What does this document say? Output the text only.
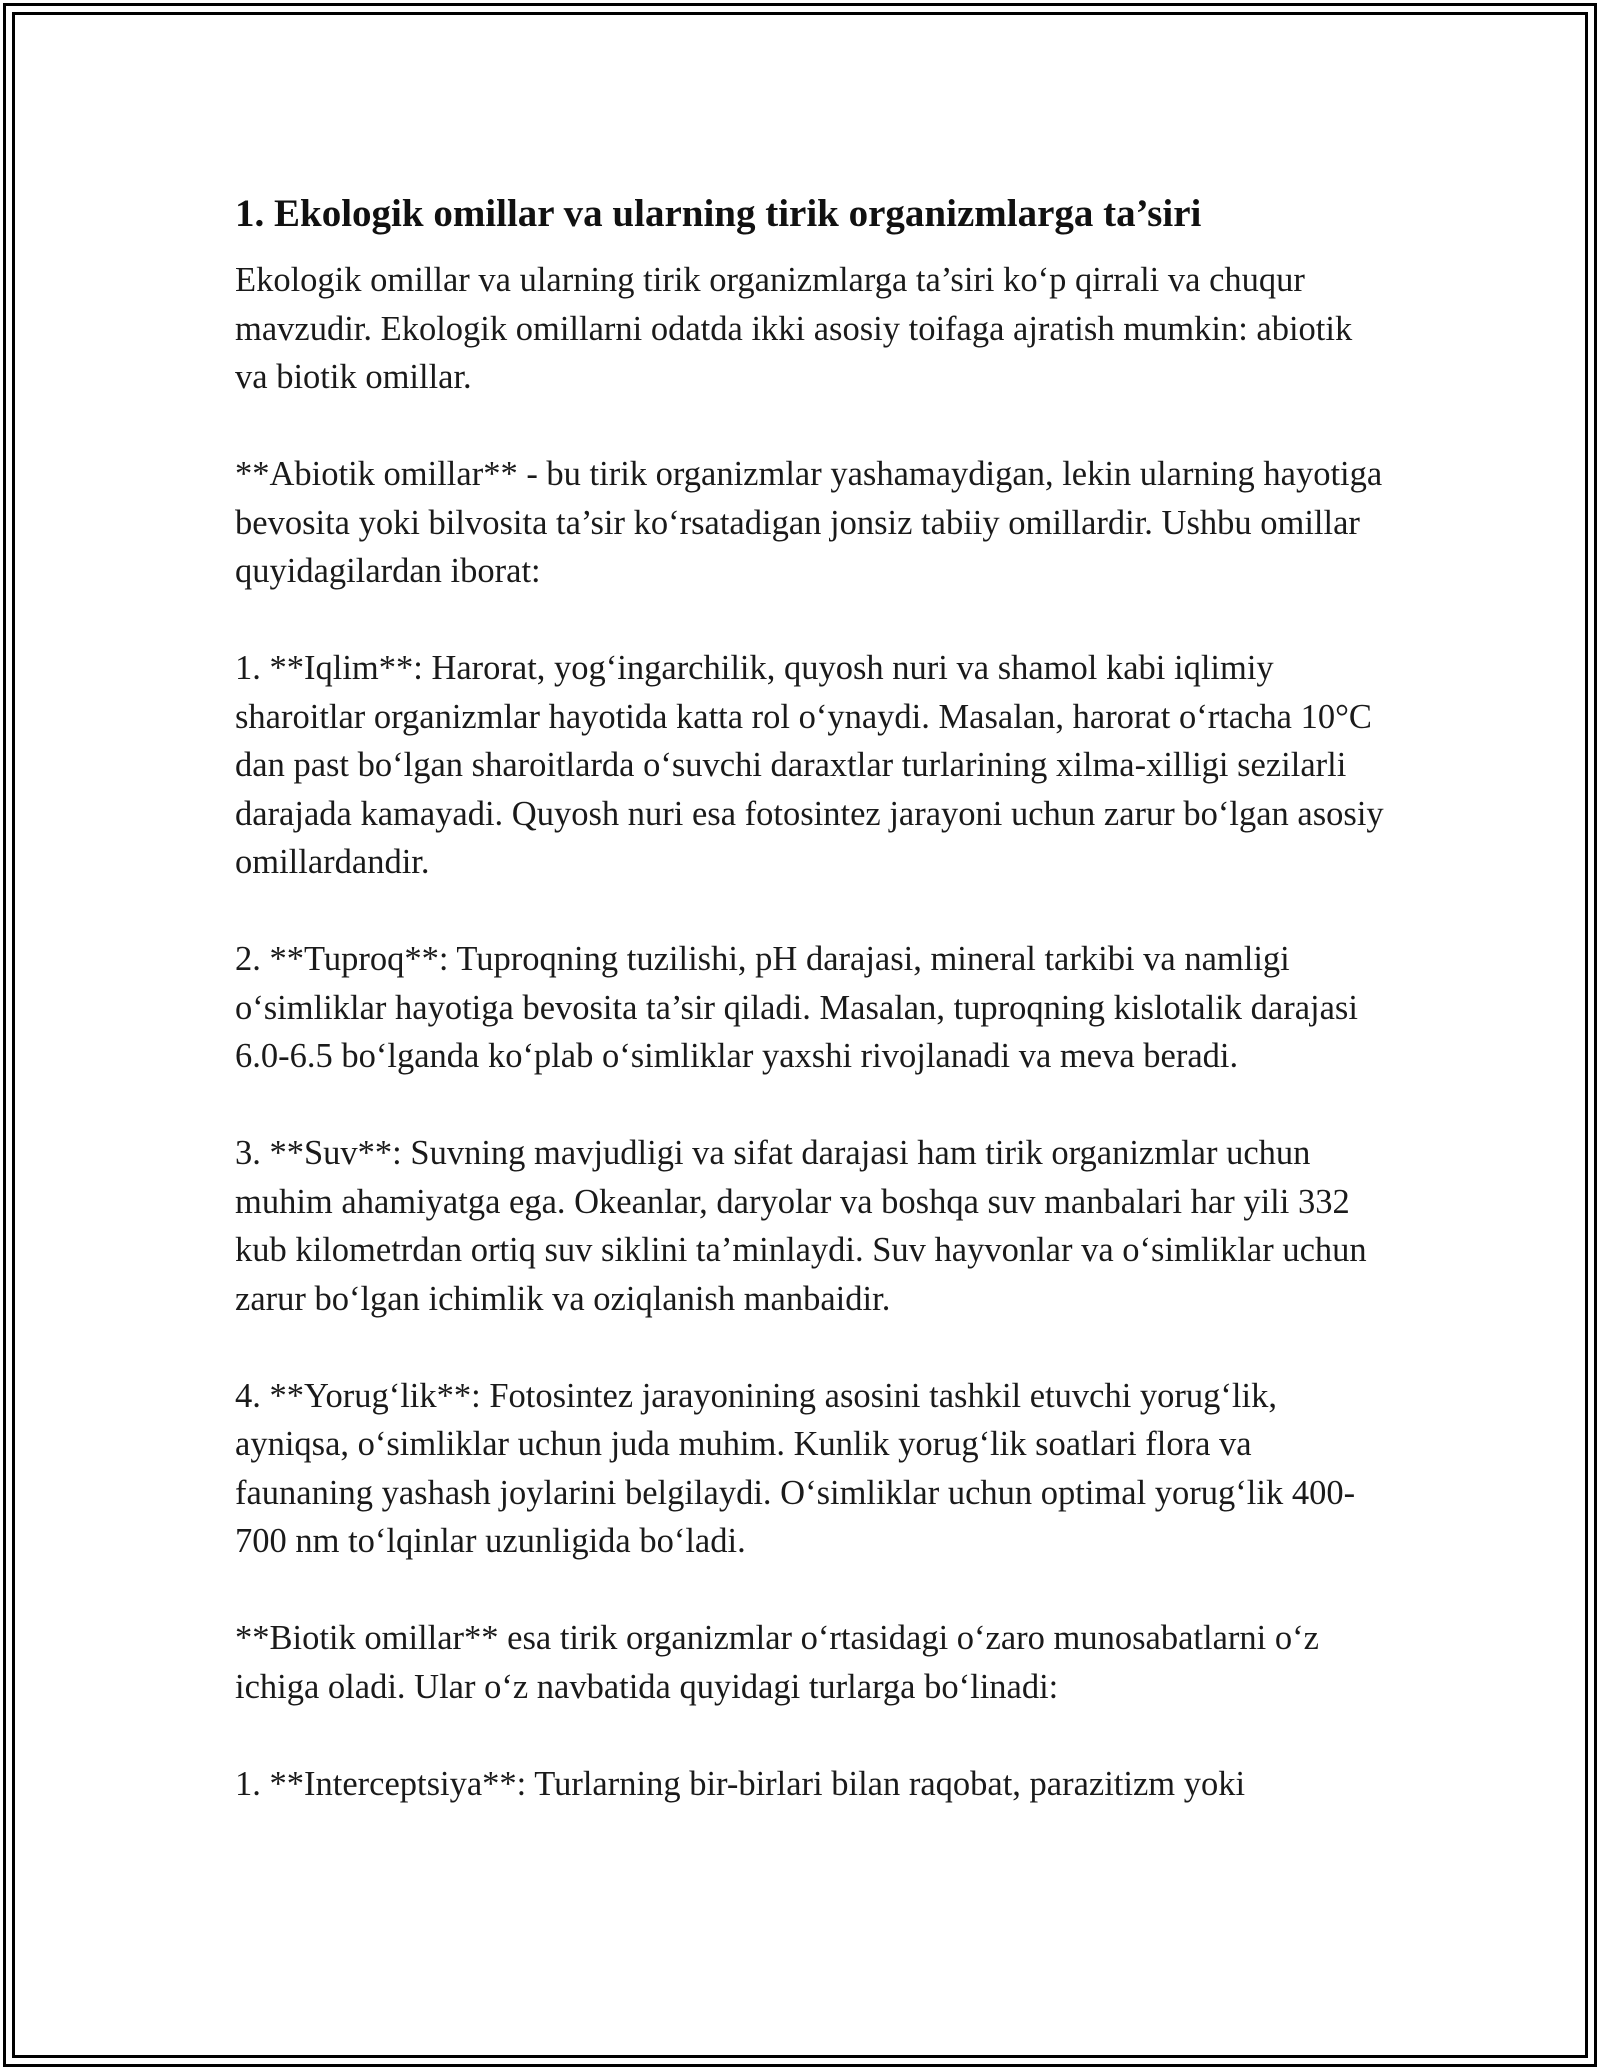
1. Ekologik omillar va ularning tirik organizmlarga ta’siri

Ekologik omillar va ularning tirik organizmlarga ta’siri ko‘p qirrali va chuqur mavzudir. Ekologik omillarni odatda ikki asosiy toifaga ajratish mumkin: abiotik va biotik omillar.

**Abiotik omillar** - bu tirik organizmlar yashamaydigan, lekin ularning hayotiga bevosita yoki bilvosita ta’sir ko‘rsatadigan jonsiz tabiiy omillardir. Ushbu omillar quyidagilardan iborat:

1. **Iqlim**: Harorat, yog‘ingarchilik, quyosh nuri va shamol kabi iqlimiy sharoitlar organizmlar hayotida katta rol o‘ynaydi. Masalan, harorat o‘rtacha 10°C dan past bo‘lgan sharoitlarda o‘suvchi daraxtlar turlarining xilma-xilligi sezilarli darajada kamayadi. Quyosh nuri esa fotosintez jarayoni uchun zarur bo‘lgan asosiy omillardandir.

2. **Tuproq**: Tuproqning tuzilishi, pH darajasi, mineral tarkibi va namligi o‘simliklar hayotiga bevosita ta’sir qiladi. Masalan, tuproqning kislotalik darajasi 6.0-6.5 bo‘lganda ko‘plab o‘simliklar yaxshi rivojlanadi va meva beradi.

3. **Suv**: Suvning mavjudligi va sifat darajasi ham tirik organizmlar uchun muhim ahamiyatga ega. Okeanlar, daryolar va boshqa suv manbalari har yili 332 kub kilometrdan ortiq suv siklini ta’minlaydi. Suv hayvonlar va o‘simliklar uchun zarur bo‘lgan ichimlik va oziqlanish manbaidir.

4. **Yorug‘lik**: Fotosintez jarayonining asosini tashkil etuvchi yorug‘lik, ayniqsa, o‘simliklar uchun juda muhim. Kunlik yorug‘lik soatlari flora va faunaning yashash joylarini belgilaydi. O‘simliklar uchun optimal yorug‘lik 400-700 nm to‘lqinlar uzunligida bo‘ladi.

**Biotik omillar** esa tirik organizmlar o‘rtasidagi o‘zaro munosabatlarni o‘z ichiga oladi. Ular o‘z navbatida quyidagi turlarga bo‘linadi:

1. **Interceptsiya**: Turlarning bir-birlari bilan raqobat, parazitizm yoki
